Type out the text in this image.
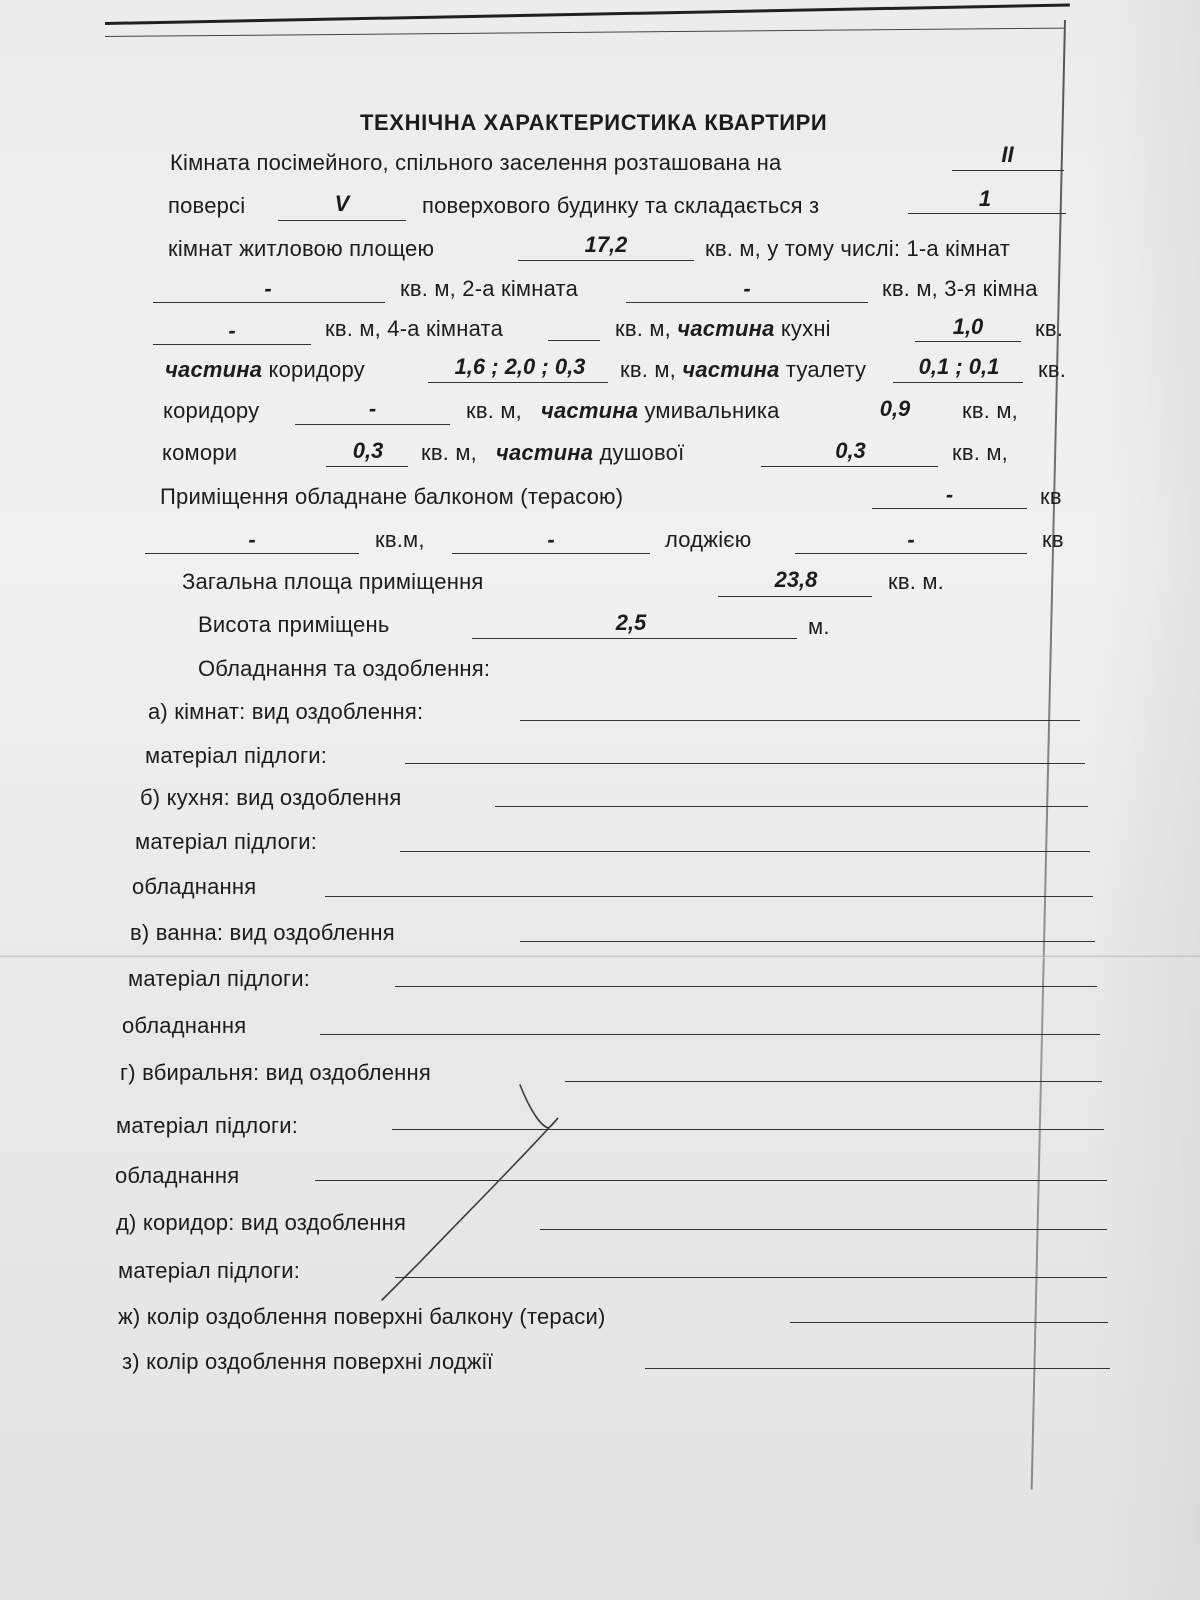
ТЕХНІЧНА ХАРАКТЕРИСТИКА КВАРТИРИ
Кімната посімейного, спільного заселення розташована на	II
поверсі	V	поверхового будинку та складається з	1
кімнат житловою площею	17,2	кв. м, у тому числі: 1-а кімнат
-	кв. м, 2-а кімната	-	кв. м, 3-я кімна
-	кв. м, 4-а кімната	кв. м, частина кухні	1,0	кв.
частина коридору	1,6 ; 2,0 ; 0,3	кв. м, частина туалету	0,1 ; 0,1	кв.
коридору	-	кв. м, частина умивальника	0,9	кв. м,
комори	0,3	кв. м, частина душової	0,3	кв. м,
Приміщення обладнане балконом (терасою)	-	кв
-	кв.м,	-	лоджією	-	кв
Загальна площа приміщення	23,8	кв. м.
Висота приміщень	2,5	м.
Обладнання та оздоблення:
а) кімнат: вид оздоблення:
матеріал підлоги:
б) кухня: вид оздоблення
матеріал підлоги:
обладнання
в) ванна: вид оздоблення
матеріал підлоги:
обладнання
г) вбиральня: вид оздоблення
матеріал підлоги:
обладнання
д) коридор: вид оздоблення
матеріал підлоги:
ж) колір оздоблення поверхні балкону (тераси)
з) колір оздоблення поверхні лоджії
